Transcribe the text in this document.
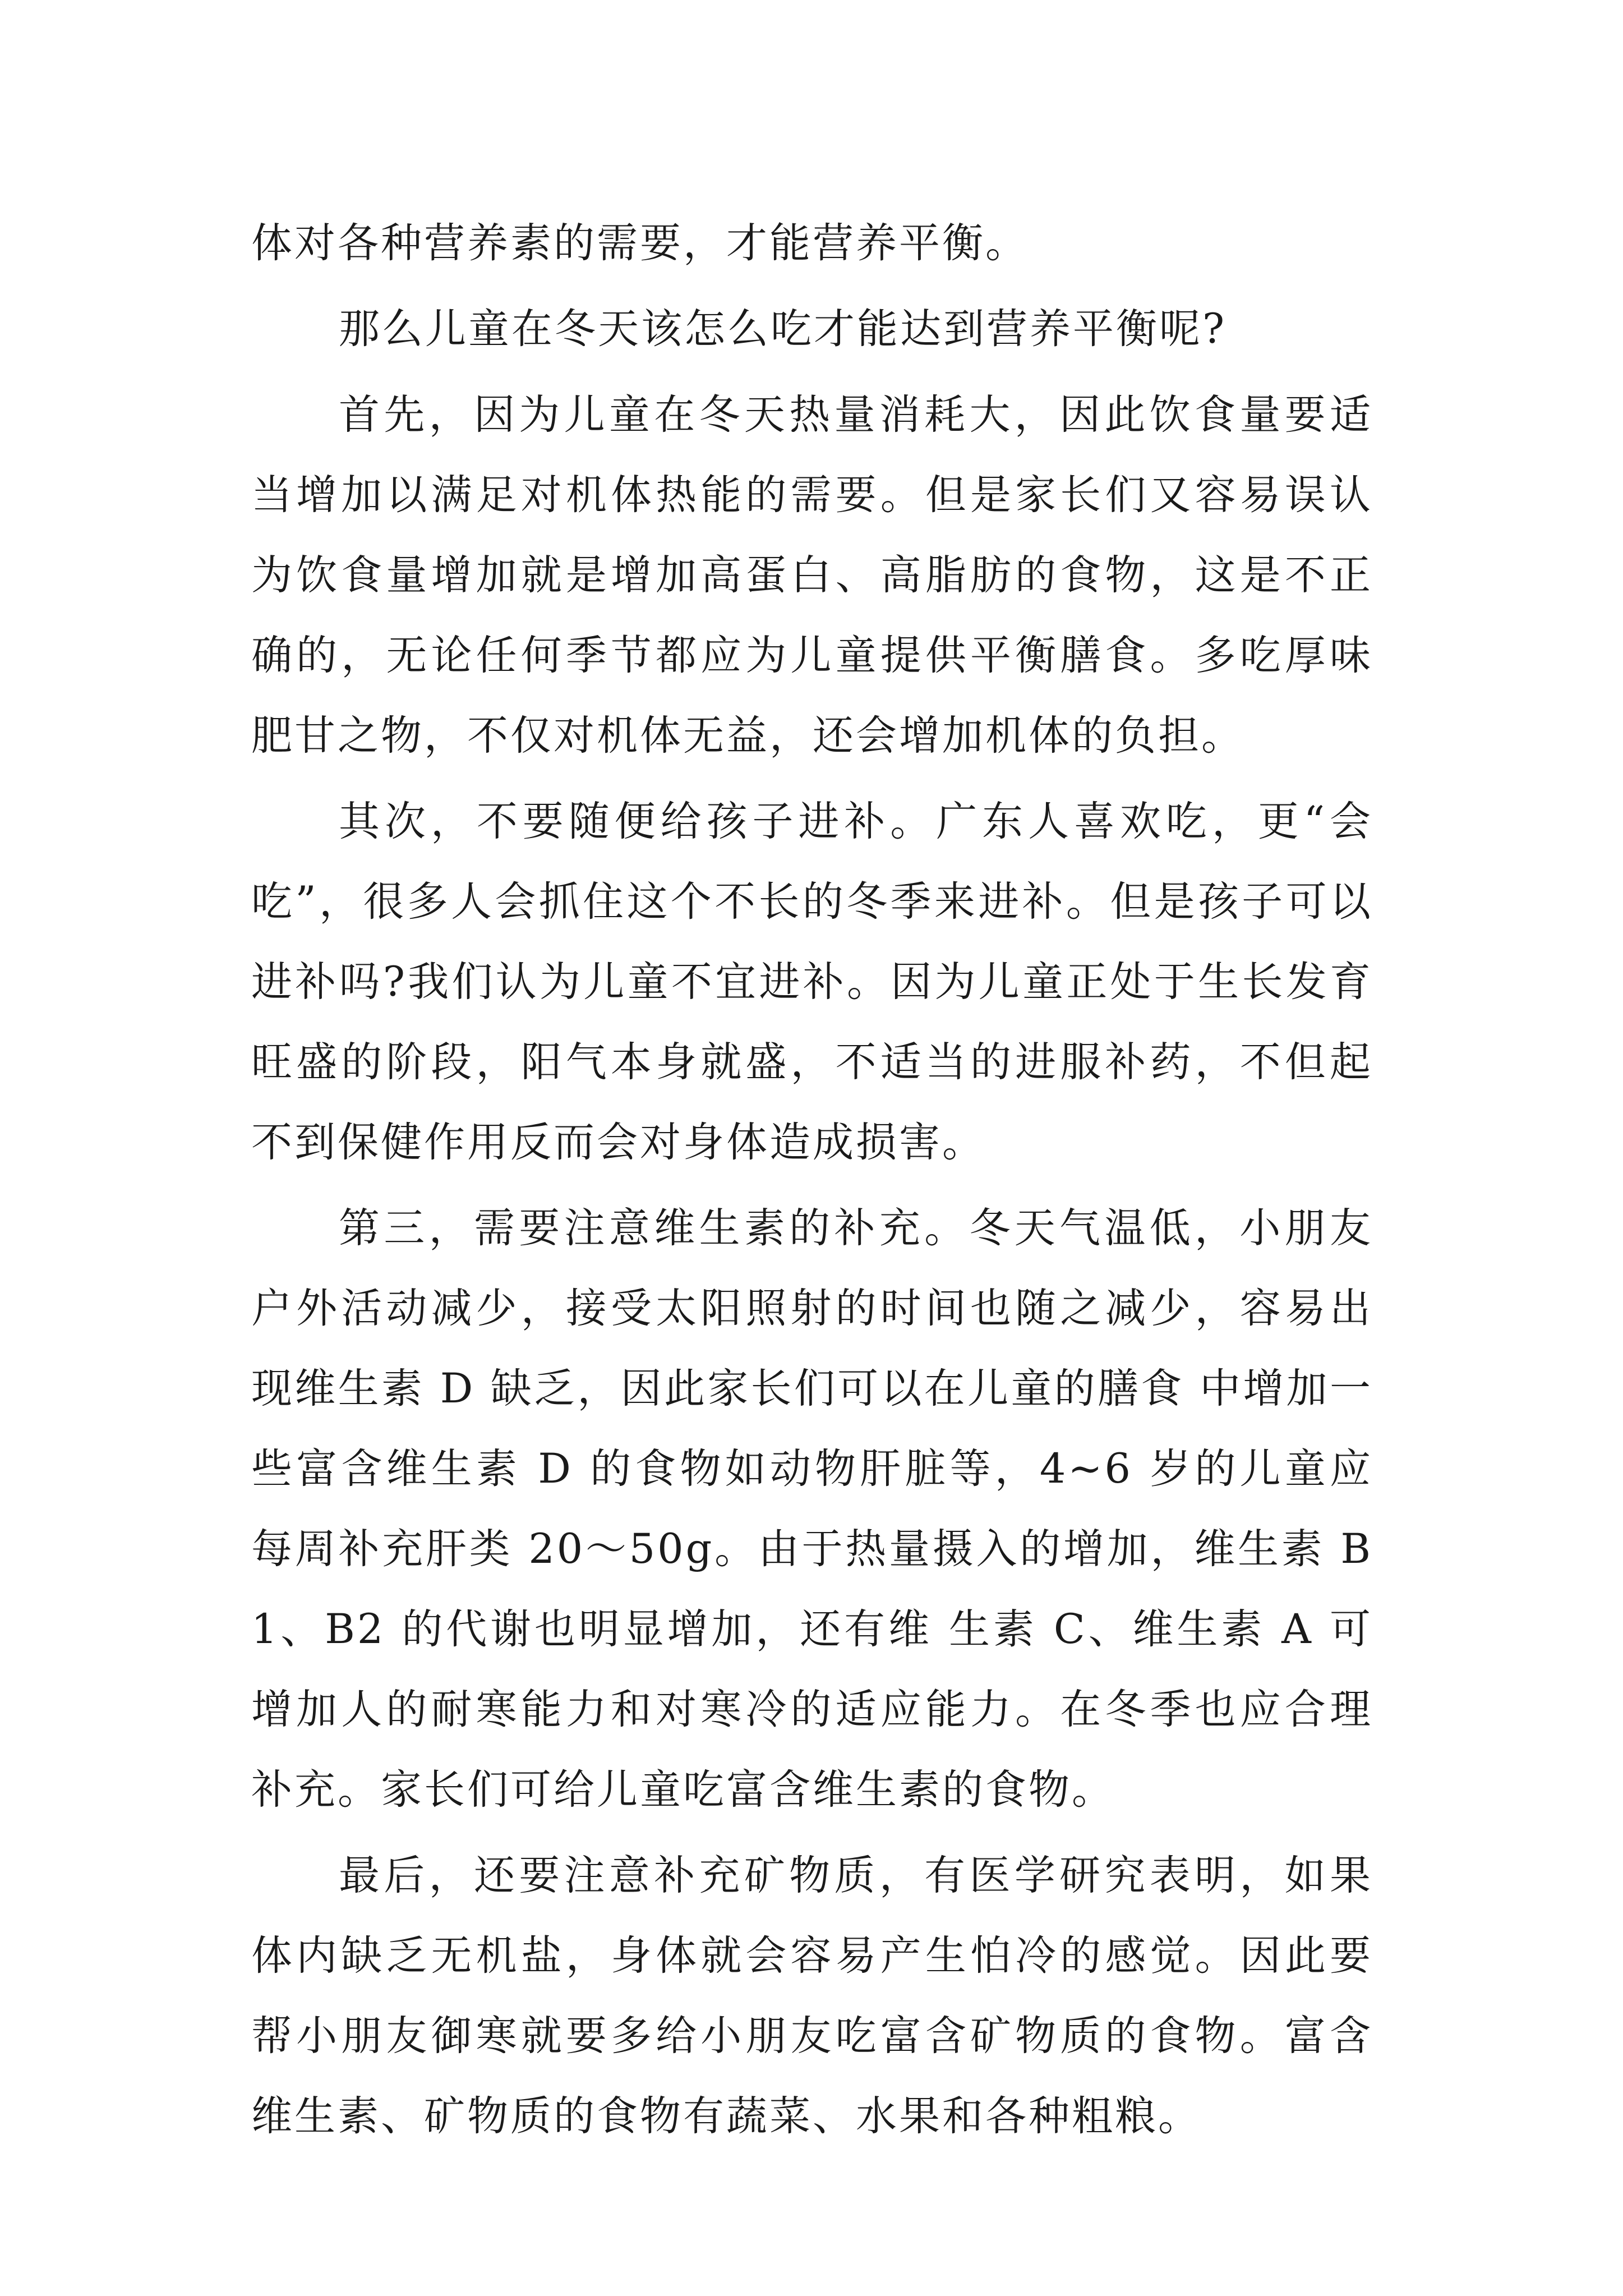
体对各种营养素的需要，才能营养平衡。

那么儿童在冬天该怎么吃才能达到营养平衡呢?

首先，因为儿童在冬天热量消耗大，因此饮食量要适当增加以满足对机体热能的需要。但是家长们又容易误认为饮食量增加就是增加高蛋白、高脂肪的食物，这是不正确的，无论任何季节都应为儿童提供平衡膳食。多吃厚味肥甘之物，不仅对机体无益，还会增加机体的负担。

其次，不要随便给孩子进补。广东人喜欢吃，更“会吃”，很多人会抓住这个不长的冬季来进补。但是孩子可以进补吗?我们认为儿童不宜进补。因为儿童正处于生长发育旺盛的阶段，阳气本身就盛，不适当的进服补药，不但起不到保健作用反而会对身体造成损害。

第三，需要注意维生素的补充。冬天气温低，小朋友户外活动减少，接受太阳照射的时间也随之减少，容易出现维生素 D 缺乏，因此家长们可以在儿童的膳食 中增加一些富含维生素 D 的食物如动物肝脏等，4~6 岁的儿童应每周补充肝类 20～50g。由于热量摄入的增加，维生素 B1、B2 的代谢也明显增加，还有维 生素 C、维生素 A 可增加人的耐寒能力和对寒冷的适应能力。在冬季也应合理补充。家长们可给儿童吃富含维生素的食物。

最后，还要注意补充矿物质，有医学研究表明，如果体内缺乏无机盐，身体就会容易产生怕冷的感觉。因此要帮小朋友御寒就要多给小朋友吃富含矿物质的食物。富含维生素、矿物质的食物有蔬菜、水果和各种粗粮。
